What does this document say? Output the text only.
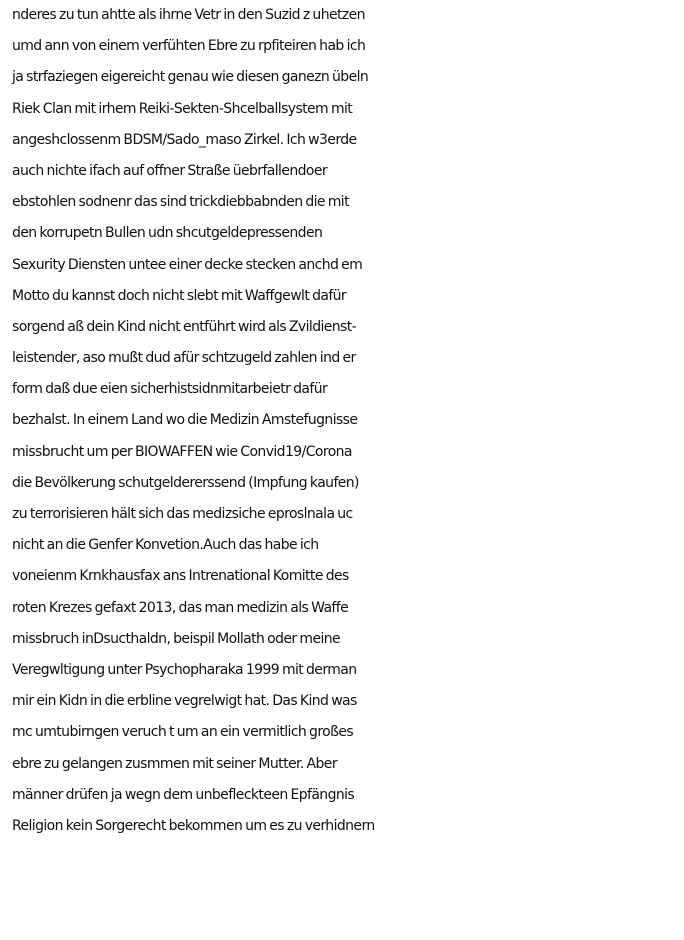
nderes zu tun ahtte als ihrne Vetr in den Suzid z uhetzen
umd ann von einem verfühten Ebre zu rpfiteiren hab ich
ja strfaziegen eigereicht genau wie diesen ganezn übeln
Riek Clan mit irhem Reiki-Sekten-Shcelballsystem mit
angeshclossenm BDSM/Sado_maso Zirkel. Ich w3erde
auch nichte ifach auf offner Straße üebrfallendoer
ebstohlen sodnenr das sind trickdiebbabnden die mit
den korrupetn Bullen udn shcutgeldepressenden
Sexurity Diensten untee einer decke stecken anchd em
Motto du kannst doch nicht slebt mit Waffgewlt dafür
sorgend aß dein Kind nicht entführt wird als Zvildienst-
leistender, aso mußt dud afür schtzugeld zahlen ind er
form daß due eien sicherhistsidnmitarbeietr dafür
bezhalst. In einem Land wo die Medizin Amstefugnisse
missbrucht um per BIOWAFFEN wie Convid19/Corona
die Bevölkerung schutgeldererssend (Impfung kaufen)
zu terrorisieren hält sich das medizsiche eproslnala uc
nicht an die Genfer Konvetion.Auch das habe ich
voneienm Krnkhausfax ans Intrenational Komitte des
roten Krezes gefaxt 2013, das man medizin als Waffe
missbruch inDsucthaldn, beispil Mollath oder meine
Veregwltigung unter Psychopharaka 1999 mit derman
mir ein Kidn in die erbline vegrelwigt hat. Das Kind was
mc umtubirngen veruch t um an ein vermitlich großes
ebre zu gelangen zusmmen mit seiner Mutter. Aber
männer drüfen ja wegn dem unbefleckteen Epfängnis
Religion kein Sorgerecht bekommen um es zu verhidnern
